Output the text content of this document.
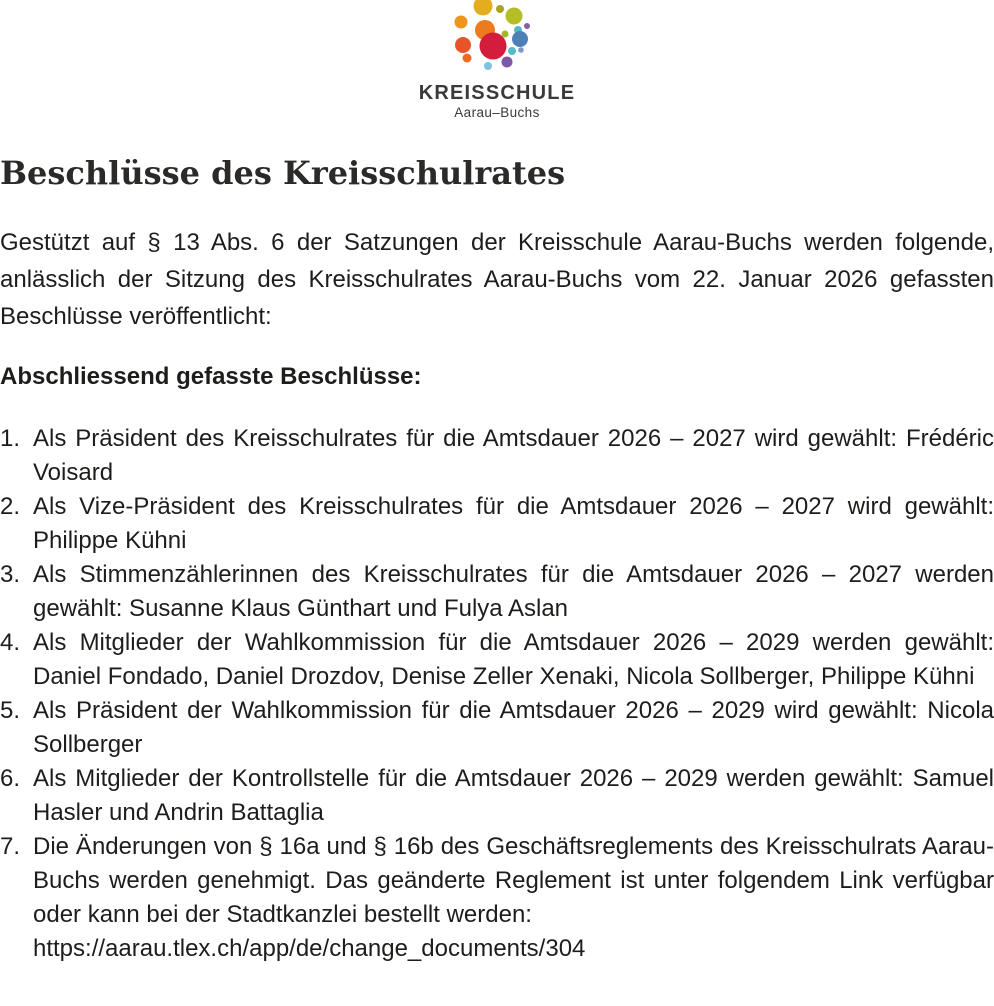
KREISSCHULE
Aarau–Buchs
Beschlüsse des Kreisschulrates

Gestützt auf § 13 Abs. 6 der Satzungen der Kreisschule Aarau-Buchs werden folgende, anlässlich der Sitzung des Kreisschulrates Aarau-Buchs vom 22. Januar 2026 gefassten Beschlüsse veröffentlicht:

Abschliessend gefasste Beschlüsse:
1. Als Präsident des Kreisschulrates für die Amtsdauer 2026 – 2027 wird gewählt: Frédéric Voisard
2. Als Vize-Präsident des Kreisschulrates für die Amtsdauer 2026 – 2027 wird gewählt: Philippe Kühni
3. Als Stimmenzählerinnen des Kreisschulrates für die Amtsdauer 2026 – 2027 werden gewählt: Susanne Klaus Günthart und Fulya Aslan
4. Als Mitglieder der Wahlkommission für die Amtsdauer 2026 – 2029 werden gewählt: Daniel Fondado, Daniel Drozdov, Denise Zeller Xenaki, Nicola Sollberger, Philippe Kühni
5. Als Präsident der Wahlkommission für die Amtsdauer 2026 – 2029 wird gewählt: Nicola Sollberger
6. Als Mitglieder der Kontrollstelle für die Amtsdauer 2026 – 2029 werden gewählt: Samuel Hasler und Andrin Battaglia
7. Die Änderungen von § 16a und § 16b des Geschäftsreglements des Kreisschulrats Aarau-Buchs werden genehmigt. Das geänderte Reglement ist unter folgendem Link verfügbar oder kann bei der Stadtkanzlei bestellt werden:
https://aarau.tlex.ch/app/de/change_documents/304
